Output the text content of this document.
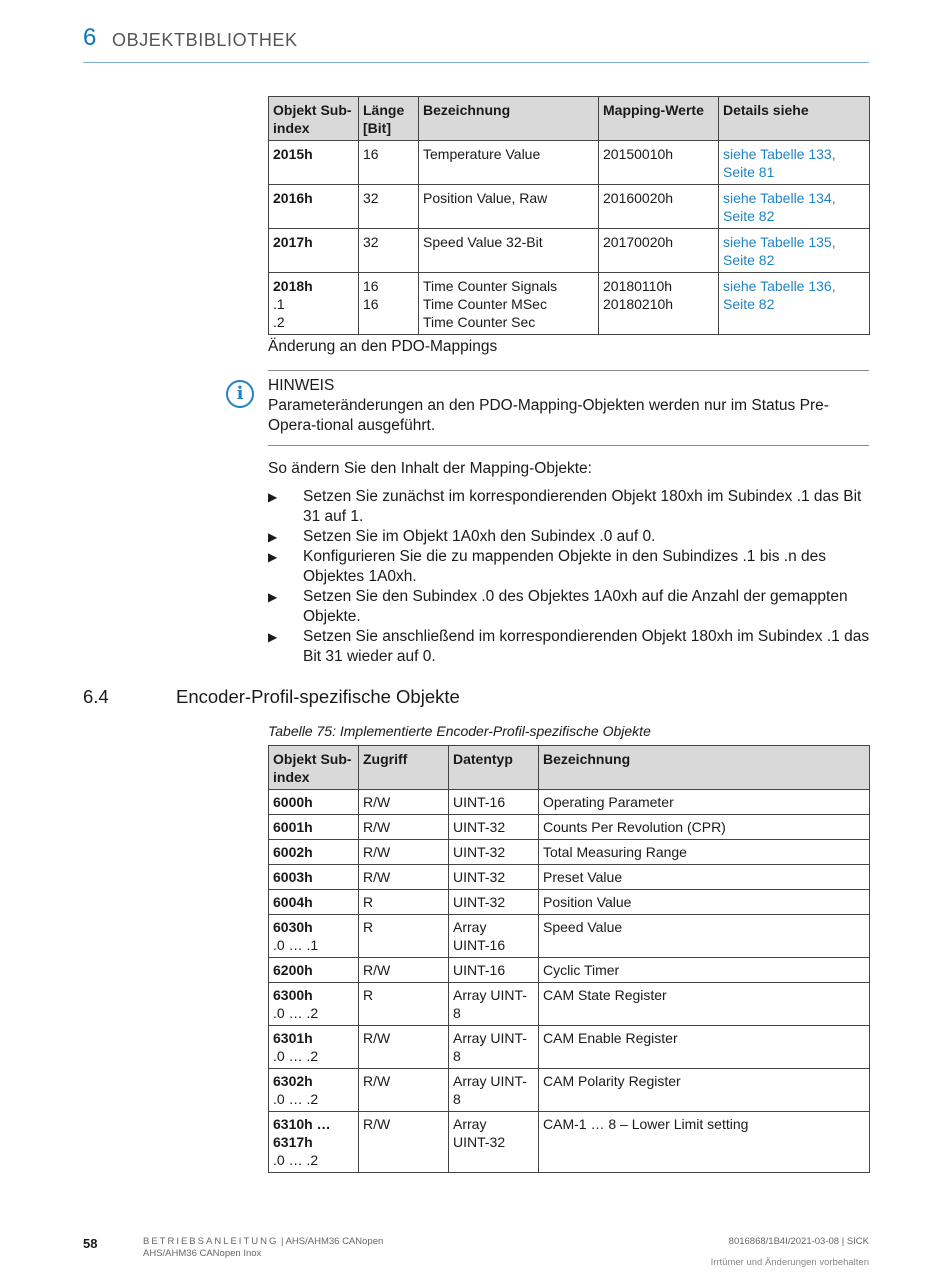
6 OBJEKTBIBLIOTHEK
Objekt Sub-
index	Länge
[Bit]	Bezeichnung	Mapping-Werte	Details siehe

2015h	16	Temperature Value	20150010h	siehe Tabelle 133,
Seite 81

2016h	32	Position Value, Raw	20160020h	siehe Tabelle 134,
Seite 82

2017h	32	Speed Value 32-Bit	20170020h	siehe Tabelle 135,
Seite 82

2018h
.1
.2	16
16	Time Counter Signals
Time Counter MSec
Time Counter Sec	20180110h
20180210h	siehe Tabelle 136,
Seite 82
Änderung an den PDO-Mappings
i	HINWEIS
Parameteränderungen an den PDO-Mapping-Objekten werden nur im Status Pre-Opera-tional ausgeführt.
So ändern Sie den Inhalt der Mapping-Objekte:
▶ Setzen Sie zunächst im korrespondierenden Objekt 180xh im Subindex .1 das Bit 31 auf 1.
▶ Setzen Sie im Objekt 1A0xh den Subindex .0 auf 0.
▶ Konfigurieren Sie die zu mappenden Objekte in den Subindizes .1 bis .n des Objektes 1A0xh.
▶ Setzen Sie den Subindex .0 des Objektes 1A0xh auf die Anzahl der gemappten Objekte.
▶ Setzen Sie anschließend im korrespondierenden Objekt 180xh im Subindex .1 das Bit 31 wieder auf 0.
6.4	Encoder-Profil-spezifische Objekte
Tabelle 75: Implementierte Encoder-Profil-spezifische Objekte
Objekt Sub-
index	Zugriff	Datentyp	Bezeichnung

6000h	R/W	UINT-16	Operating Parameter

6001h	R/W	UINT-32	Counts Per Revolution (CPR)

6002h	R/W	UINT-32	Total Measuring Range

6003h	R/W	UINT-32	Preset Value

6004h	R	UINT-32	Position Value

6030h
.0 … .1	R	Array
UINT-16	Speed Value

6200h	R/W	UINT-16	Cyclic Timer

6300h
.0 … .2	R	Array UINT-8	CAM State Register

6301h
.0 … .2	R/W	Array UINT-8	CAM Enable Register

6302h
.0 … .2	R/W	Array UINT-8	CAM Polarity Register

6310h …
6317h
.0 … .2	R/W	Array
UINT-32	CAM-1 … 8 – Lower Limit setting
58	BETRIEBSANLEITUNG | AHS/AHM36 CANopen
AHS/AHM36 CANopen Inox
8016868/1B4I/2021-03-08 | SICK
Irrtümer und Änderungen vorbehalten
